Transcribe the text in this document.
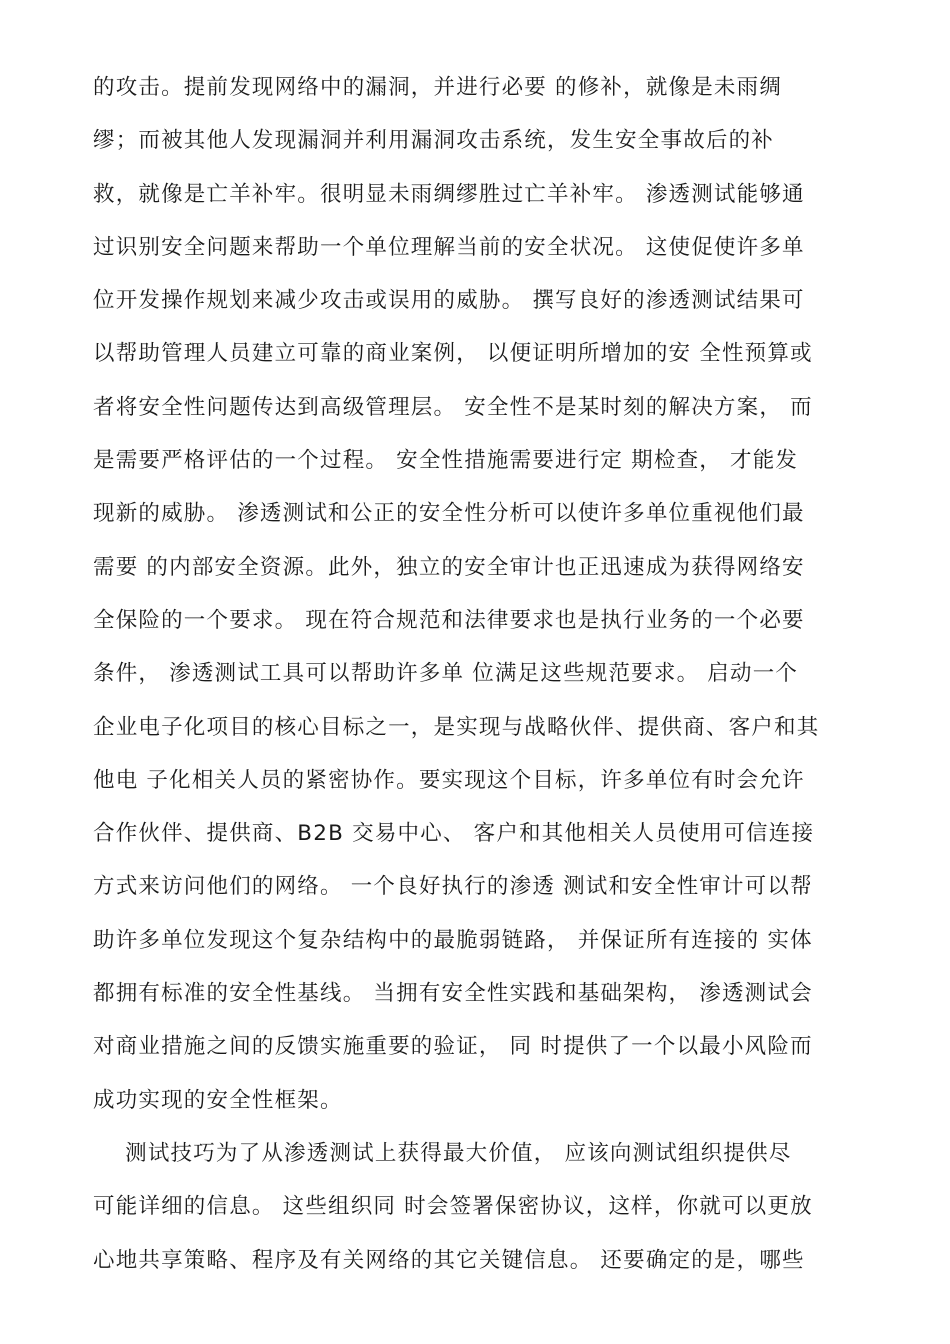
的攻击。提前发现网络中的漏洞，并进行必要 的修补，就像是未雨绸
缪；而被其他人发现漏洞并利用漏洞攻击系统，发生安全事故后的补
救，就像是亡羊补牢。很明显未雨绸缪胜过亡羊补牢。 渗透测试能够通
过识别安全问题来帮助一个单位理解当前的安全状况。 这使促使许多单
位开发操作规划来减少攻击或误用的威胁。 撰写良好的渗透测试结果可
以帮助管理人员建立可靠的商业案例， 以便证明所增加的安 全性预算或
者将安全性问题传达到高级管理层。 安全性不是某时刻的解决方案， 而
是需要严格评估的一个过程。 安全性措施需要进行定 期检查， 才能发
现新的威胁。 渗透测试和公正的安全性分析可以使许多单位重视他们最
需要 的内部安全资源。此外，独立的安全审计也正迅速成为获得网络安
全保险的一个要求。 现在符合规范和法律要求也是执行业务的一个必要
条件， 渗透测试工具可以帮助许多单 位满足这些规范要求。 启动一个
企业电子化项目的核心目标之一，是实现与战略伙伴、提供商、客户和其
他电 子化相关人员的紧密协作。要实现这个目标，许多单位有时会允许
合作伙伴、提供商、B2B 交易中心、 客户和其他相关人员使用可信连接
方式来访问他们的网络。 一个良好执行的渗透 测试和安全性审计可以帮
助许多单位发现这个复杂结构中的最脆弱链路， 并保证所有连接的 实体
都拥有标准的安全性基线。 当拥有安全性实践和基础架构， 渗透测试会
对商业措施之间的反馈实施重要的验证， 同 时提供了一个以最小风险而
成功实现的安全性框架。
测试技巧为了从渗透测试上获得最大价值， 应该向测试组织提供尽
可能详细的信息。 这些组织同 时会签署保密协议，这样，你就可以更放
心地共享策略、程序及有关网络的其它关键信息。 还要确定的是，哪些
